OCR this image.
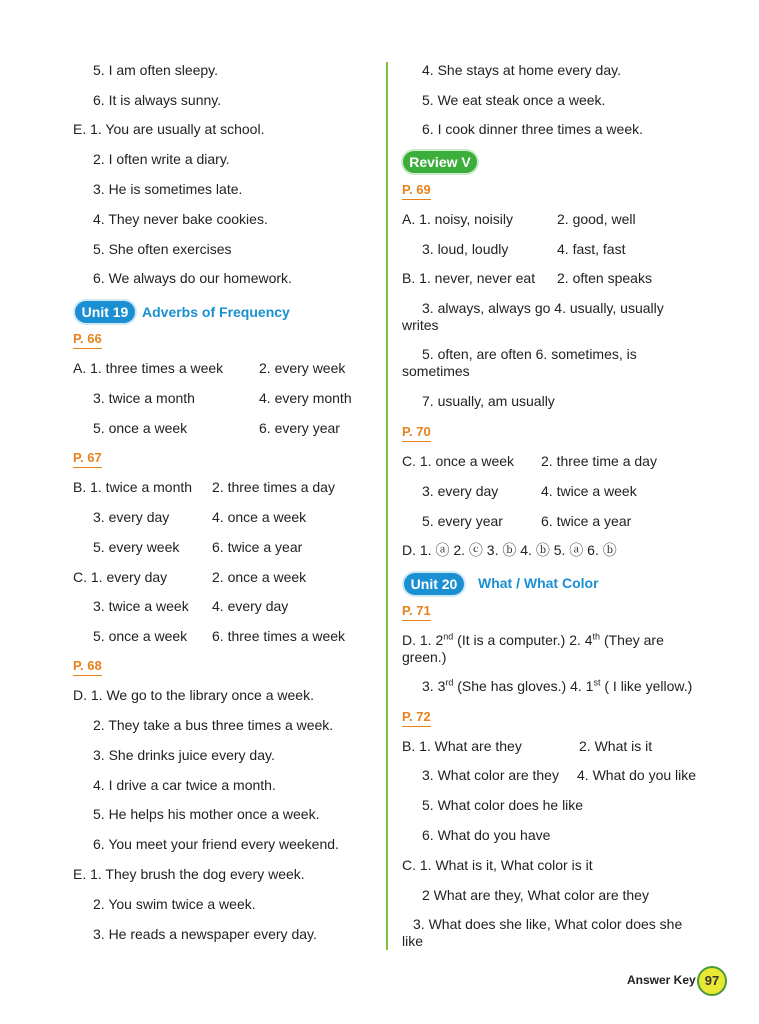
5. I am often sleepy.
6. It is always sunny.
E. 1. You are usually at school.
2. I often write a diary.
3. He is sometimes late.
4. They never bake cookies.
5. She often exercises
6. We always do our homework.
Unit 19 Adverbs of Frequency
P. 66
A. 1. three times a week	2. every week
3. twice a month	4. every month
5. once a week	6. every year
P. 67
B. 1. twice a month 2. three times a day
3. every day	4. once a week
5. every week 6. twice a year
C. 1. every day	2. once a week
3. twice a week 4. every day
5. once a week 6. three times a week
P. 68
D. 1. We go to the library once a week.
2. They take a bus three times a week.
3. She drinks juice every day.
4. I drive a car twice a month.
5. He helps his mother once a week.
6. You meet your friend every weekend.
E. 1. They brush the dog every week.
2. You swim twice a week.
3. He reads a newspaper every day.
4. She stays at home every day.
5. We eat steak once a week.
6. I cook dinner three times a week.
Review V
P. 69
A. 1. noisy, noisily	2. good, well
3. loud, loudly	4. fast, fast
B. 1. never, never eat 2. often speaks
3. always, always go 4. usually, usually
writes
5. often, are often 6. sometimes, is
sometimes
7. usually, am usually
P. 70
C. 1. once a week 2. three time a day
3. every day	4. twice a week
5. every year	6. twice a year
D. 1. ⓐ 2. ⓒ 3. ⓑ 4. ⓑ 5. ⓐ 6. ⓑ
Unit 20	What / What Color
P. 71
D. 1. 2nd (It is a computer.) 2. 4th (They are
green.)
3. 3rd (She has gloves.) 4. 1st ( I like yellow.)
P. 72
B. 1. What are they	2. What is it
3. What color are they 4. What do you like
5. What color does he like
6. What do you have
C. 1. What is it, What color is it
2 What are they, What color are they
3. What does she like, What color does she
like
Answer Key 97
